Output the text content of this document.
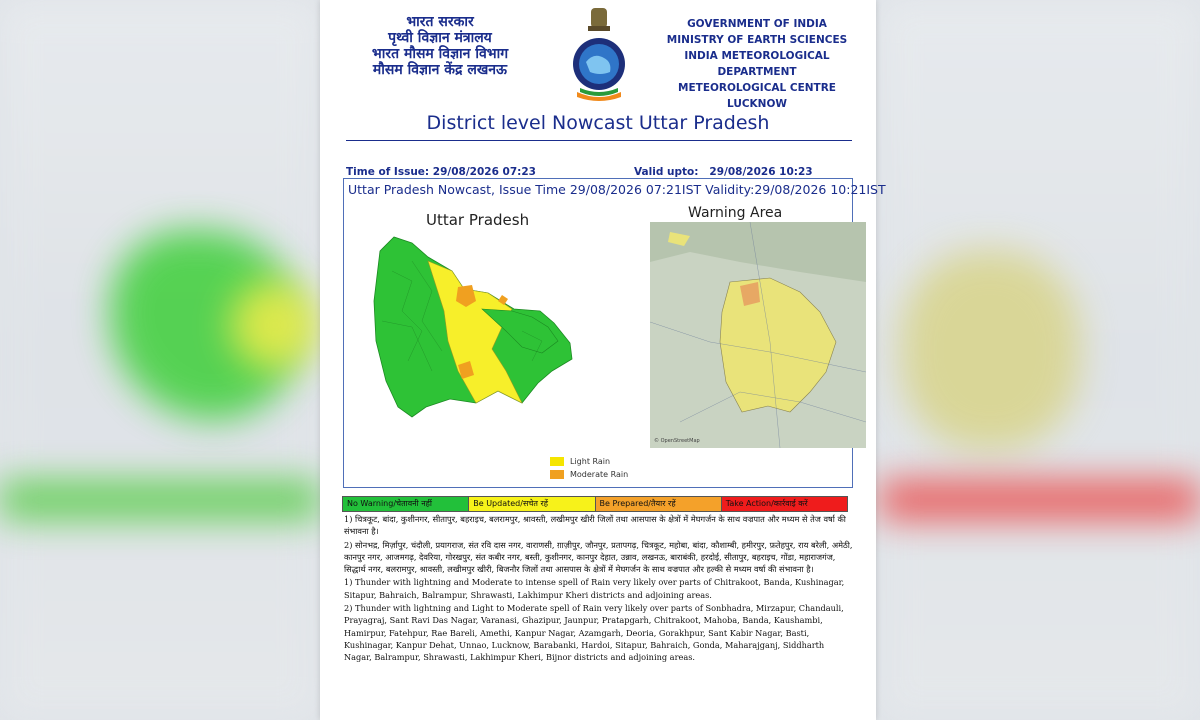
भारत सरकार
पृथ्वी विज्ञान मंत्रालय
भारत मौसम विज्ञान विभाग
मौसम विज्ञान केंद्र लखनऊ
GOVERNMENT OF INDIA
MINISTRY OF EARTH SCIENCES
INDIA METEOROLOGICAL DEPARTMENT
METEOROLOGICAL CENTRE LUCKNOW
District level Nowcast Uttar Pradesh
Time of Issue: 29/08/2026 07:23	Valid upto:   29/08/2026 10:23
Uttar Pradesh Nowcast, Issue Time 29/08/2026 07:21IST Validity:29/08/2026 10:21IST
Uttar Pradesh	Warning Area
© OpenStreetMap
Light Rain
Moderate Rain
No Warning/चेतावनी नहीं	Be Updated/सचेत रहें	Be Prepared/तैयार रहें	Take Action/कार्रवाई करें

1) चित्रकूट, बांदा, कुशीनगर, सीतापुर, बहराइच, बलरामपुर, श्रावस्ती, लखीमपुर खीरी जिलों तथा आसपास के क्षेत्रों में मेघगर्जन के साथ वज्रपात और मध्यम से तेज वर्षा की संभावना है।

2) सोनभद्र, मिर्ज़ापुर, चंदौली, प्रयागराज, संत रवि दास नगर, वाराणसी, ग़ाज़ीपुर, जौनपुर, प्रतापगढ़, चित्रकूट, महोबा, बांदा, कौशाम्बी, हमीरपुर, फ़तेहपुर, राय बरेली, अमेठी, कानपुर नगर, आजमगढ़, देवरिया, गोरखपुर, संत कबीर नगर, बस्ती, कुशीनगर, कानपुर देहात, उन्नाव, लखनऊ, बाराबंकी, हरदोई, सीतापुर, बहराइच, गोंडा, महाराजगंज, सिद्धार्थ नगर, बलरामपुर, श्रावस्ती, लखीमपुर खीरी, बिजनौर जिलों तथा आसपास के क्षेत्रों में मेघगर्जन के साथ वज्रपात और हल्की से मध्यम वर्षा की संभावना है।

1) Thunder with lightning and Moderate to intense spell of Rain very likely over parts of Chitrakoot, Banda, Kushinagar, Sitapur, Bahraich, Balrampur, Shrawasti, Lakhimpur Kheri districts and adjoining areas.

2) Thunder with lightning and Light to Moderate spell of Rain very likely over parts of Sonbhadra, Mirzapur, Chandauli, Prayagraj, Sant Ravi Das Nagar, Varanasi, Ghazipur, Jaunpur, Pratapgarh, Chitrakoot, Mahoba, Banda, Kaushambi, Hamirpur, Fatehpur, Rae Bareli, Amethi, Kanpur Nagar, Azamgarh, Deoria, Gorakhpur, Sant Kabir Nagar, Basti, Kushinagar, Kanpur Dehat, Unnao, Lucknow, Barabanki, Hardoi, Sitapur, Bahraich, Gonda, Maharajganj, Siddharth Nagar, Balrampur, Shrawasti, Lakhimpur Kheri, Bijnor districts and adjoining areas.
